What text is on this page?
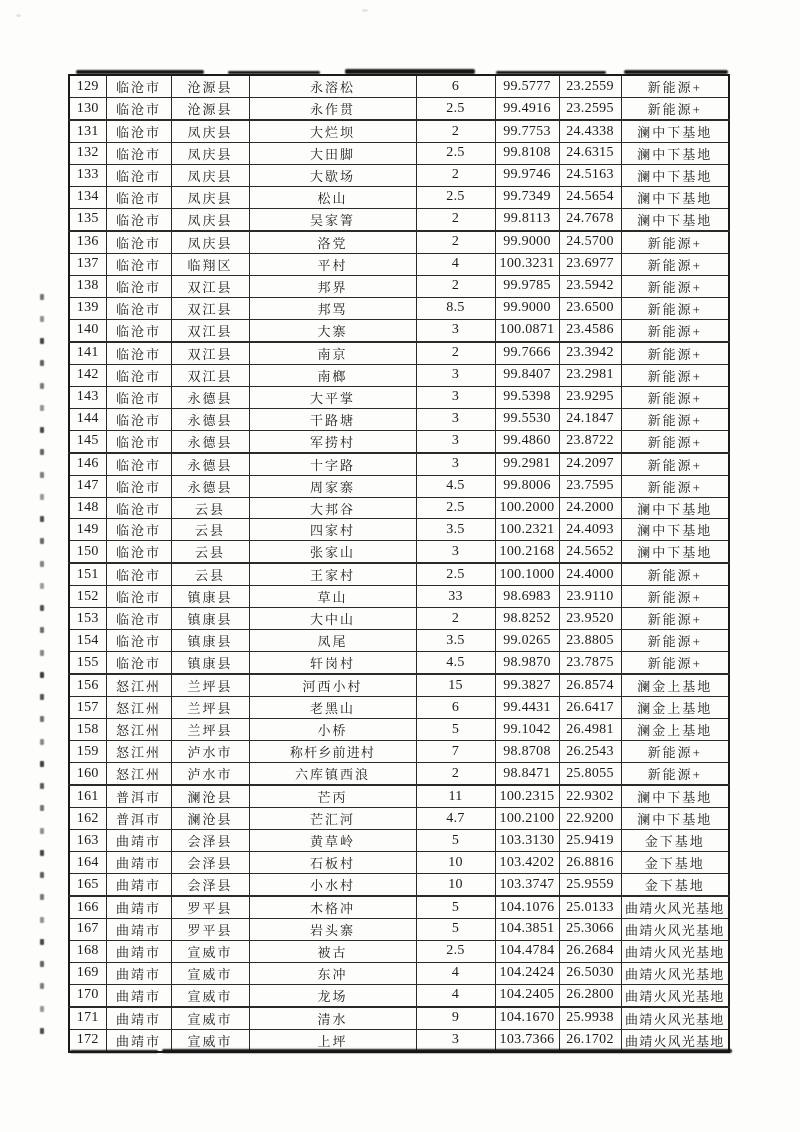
129	临沧市	沧源县	永溶松	6	99.5777	23.2559	新能源+
130	临沧市	沧源县	永作贯	2.5	99.4916	23.2595	新能源+
131	临沧市	凤庆县	大烂坝	2	99.7753	24.4338	澜中下基地
132	临沧市	凤庆县	大田脚	2.5	99.8108	24.6315	澜中下基地
133	临沧市	凤庆县	大歇场	2	99.9746	24.5163	澜中下基地
134	临沧市	凤庆县	松山	2.5	99.7349	24.5654	澜中下基地
135	临沧市	凤庆县	吴家箐	2	99.8113	24.7678	澜中下基地
136	临沧市	凤庆县	洛党	2	99.9000	24.5700	新能源+
137	临沧市	临翔区	平村	4	100.3231	23.6977	新能源+
138	临沧市	双江县	邦界	2	99.9785	23.5942	新能源+
139	临沧市	双江县	邦骂	8.5	99.9000	23.6500	新能源+
140	临沧市	双江县	大寨	3	100.0871	23.4586	新能源+
141	临沧市	双江县	南京	2	99.7666	23.3942	新能源+
142	临沧市	双江县	南榔	3	99.8407	23.2981	新能源+
143	临沧市	永德县	大平掌	3	99.5398	23.9295	新能源+
144	临沧市	永德县	干路塘	3	99.5530	24.1847	新能源+
145	临沧市	永德县	军捞村	3	99.4860	23.8722	新能源+
146	临沧市	永德县	十字路	3	99.2981	24.2097	新能源+
147	临沧市	永德县	周家寨	4.5	99.8006	23.7595	新能源+
148	临沧市	云县	大邦谷	2.5	100.2000	24.2000	澜中下基地
149	临沧市	云县	四家村	3.5	100.2321	24.4093	澜中下基地
150	临沧市	云县	张家山	3	100.2168	24.5652	澜中下基地
151	临沧市	云县	王家村	2.5	100.1000	24.4000	新能源+
152	临沧市	镇康县	草山	33	98.6983	23.9110	新能源+
153	临沧市	镇康县	大中山	2	98.8252	23.9520	新能源+
154	临沧市	镇康县	凤尾	3.5	99.0265	23.8805	新能源+
155	临沧市	镇康县	轩岗村	4.5	98.9870	23.7875	新能源+
156	怒江州	兰坪县	河西小村	15	99.3827	26.8574	澜金上基地
157	怒江州	兰坪县	老黑山	6	99.4431	26.6417	澜金上基地
158	怒江州	兰坪县	小桥	5	99.1042	26.4981	澜金上基地
159	怒江州	泸水市	称杆乡前进村	7	98.8708	26.2543	新能源+
160	怒江州	泸水市	六库镇西浪	2	98.8471	25.8055	新能源+
161	普洱市	澜沧县	芒丙	11	100.2315	22.9302	澜中下基地
162	普洱市	澜沧县	芒汇河	4.7	100.2100	22.9200	澜中下基地
163	曲靖市	会泽县	黄草岭	5	103.3130	25.9419	金下基地
164	曲靖市	会泽县	石板村	10	103.4202	26.8816	金下基地
165	曲靖市	会泽县	小水村	10	103.3747	25.9559	金下基地
166	曲靖市	罗平县	木格冲	5	104.1076	25.0133	曲靖火风光基地
167	曲靖市	罗平县	岩头寨	5	104.3851	25.3066	曲靖火风光基地
168	曲靖市	宣威市	被古	2.5	104.4784	26.2684	曲靖火风光基地
169	曲靖市	宣威市	东冲	4	104.2424	26.5030	曲靖火风光基地
170	曲靖市	宣威市	龙场	4	104.2405	26.2800	曲靖火风光基地
171	曲靖市	宣威市	清水	9	104.1670	25.9938	曲靖火风光基地
172	曲靖市	宣威市	上坪	3	103.7366	26.1702	曲靖火风光基地
